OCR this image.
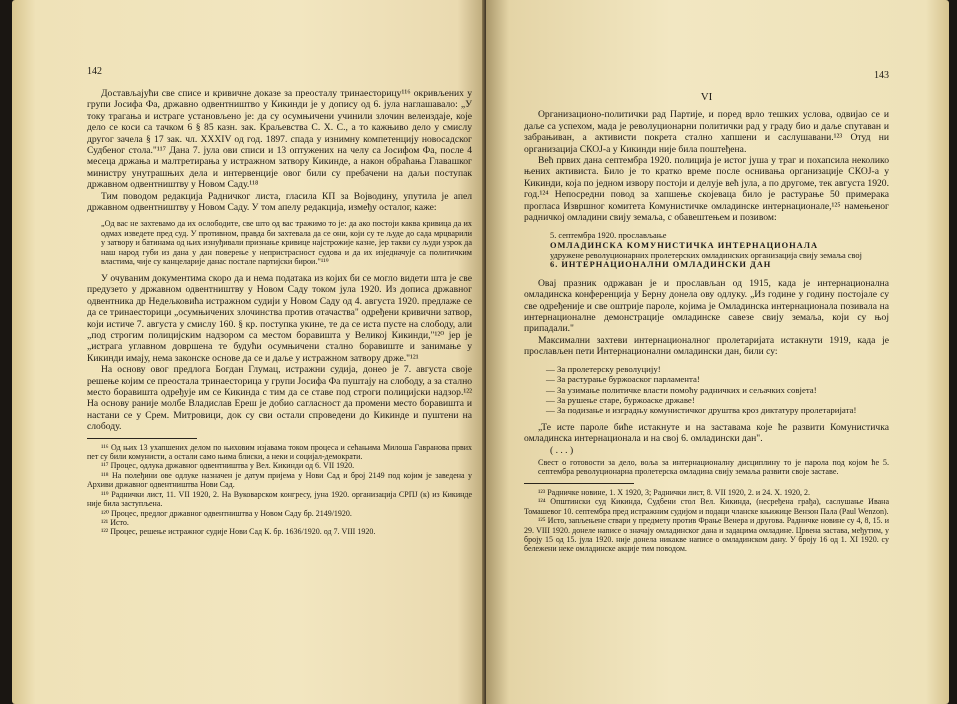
142

Достављајући све списе и кривичне доказе за преосталу тринаесторицу¹¹⁶ окривљених у групи Јосифа Фа, државно одвентништво у Кикинди је у допису од 6. јула наглашавало: „У току трагања и истраге установљено је: да су осумњичени учинили злочин велеиздаје, које дело се коси са тачком 6 § 85 казн. зак. Краљевства С. Х. С., а то кажњиво дело у смислу другог зачела § 17 зак. чл. XXXIV од год. 1897. спада у изнимну компетенцију новосадског Судбеног стола."¹¹⁷ Дана 7. јула ови списи и 13 оптужених на челу са Јосифом Фа, после 4 месеца држања и малтретирања у истражном затвору Кикинде, а након обраћања Главашког министру унутрашњих дела и интервенције овог били су пребачени на даљи поступак државном одвентништву у Новом Саду.¹¹⁸

Тим поводом редакција Радничког листа, гласила КП за Војводину, упутила је апел државном одвентништву у Новом Саду. У том апелу редакција, између осталог, каже:

„Од вас не захтевамо да их ослободите, све што од вас тражимо то је: да ако постоји каква кривица да их одмах изведете пред суд. У противном, правда би захтевала да се они, који су те људе до сада мрцварили у затвору и батинама од њих изнуђивали признање кривице најстрожије казне, јер такви су људи узрок да наш народ губи из дана у дан поверење у непристрасност судова и да их изједначује са политичким властима, чије су канцеларије данас постале партијски бирои."¹¹⁹

У очуваним документима скоро да и нема података из којих би се могло видети шта је све предузето у државном одвентништву у Новом Саду током јула 1920. Из дописа државног одвентника др Недељковића истражном судији у Новом Саду од 4. августа 1920. предлаже се да се тринаесторици „осумњичених злочинства против отачаства" одређени кривични затвор, који истиче 7. августа у смислу 160. § кр. поступка укине, те да се иста пусте на слободу, али „под строгим полицијским надзором са местом боравишта у Великој Кикинди,"¹²⁰ јер је „истрага углавном довршена те будући осумњичени стално боравиште и занимање у Кикинди имају, нема законске основе да се и даље у истражном затвору држе."¹²¹

На основу овог предлога Богдан Глумац, истражни судија, донео је 7. августа своје решење којим се преостала тринаесторица у групи Јосифа Фа пуштају на слободу, а за стално место боравишта одређује им се Кикинда с тим да се ставе под строги полицијски надзор.¹²² На основу раније молбе Владислав Ереш је добио сагласност да промени место боравишта и настани се у Срем. Митровици, док су сви остали спроведени до Кикинде и пуштени на слободу.

¹¹⁶ Од њих 13 ухапшених делом по њиховим изјавама током процеса и сећањима Милоша Гавранова првих пет су били комунисти, а остали само њима блиски, а неки и социјал-демократи.

¹¹⁷ Процес, одлука државног одвентништва у Вел. Кикинди од 6. VII 1920.

¹¹⁸ На полеђини ове одлуке назначен је датум пријема у Нови Сад и број 2149 под којим је заведена у Архиви државног одвентништва Нови Сад.

¹¹⁹ Раднички лист, 11. VII 1920, 2. На Вуковарском конгресу, јуна 1920. организација СРПЈ (к) из Кикинде није била заступљена.

¹²⁰ Процес, предлог државног одвентништва у Новом Саду бр. 2149/1920.

¹²¹ Исто.

¹²² Процес, решење истражног судије Нови Сад К. бр. 1636/1920. од 7. VIII 1920.

143
VI

Организационо-политички рад Партије, и поред врло тешких услова, одвијао се и даље са успехом, мада је револуционарни политички рад у граду био и даље спутаван и забрањиван, а активисти покрета стално хапшени и саслушавани.¹²³ Отуд ни организација СКОЈ-а у Кикинди није била поштеђена.

Већ првих дана септембра 1920. полиција је истог јуша у траг и похапсила неколико њених активиста. Било је то кратко време после оснивања организације СКОЈ-а у Кикинди, која по једном извору постоји и делује већ јула, а по другоме, тек августа 1920. год.¹²⁴ Непосредни повод за хапшење скојеваца било је растурање 50 примерака прогласа Извршног комитета Комунистичке омладинске интернационале,¹²⁵ намењеног радничкој омладини свију земаља, с обавештењем и позивом:

5. септембра 1920. прослављање
ОМЛАДИНСКА КОМУНИСТИЧКА ИНТЕРНАЦИОНАЛА
удружене револуционарних пролетерских омладинских организација свију земаља свој
6. ИНТЕРНАЦИОНАЛНИ ОМЛАДИНСКИ ДАН

Овај празник одржаван је и прослављан од 1915, када је интернационална омладинска конференција у Берну донела ову одлуку. „Из године у годину постојале су све одређеније и све оштрије пароле, којима је Омладинска интернационала позивала на интернационалне демонстрације омладинске савезе свију земаља, који су њој припадали."

Максимални захтеви интернационалног пролетаријата истакнути 1919, када је прослављен пети Интернационални омладински дан, били су:

— За пролетерску револуцију!
— За растурање буржоаског парламента!
— За узимање политичке власти помоћу радничких и сељачких совјета!
— За рушење старе, буржоаске државе!
— За подизање и изградњу комунистичког друштва кроз диктатуру пролетаријата!

„Те исте пароле биће истакнуте и на заставама које ће развити Комунистичка омладинска интернационала и на свој 6. омладински дан".

( . . . )

Свест о готовости за дело, воља за интернационалну дисциплину то је парола под којом ће 5. септембра револуционарна пролетерска омладина свију земаља развити своје заставе.

¹²³ Радничке новине, 1. X 1920, 3; Раднички лист, 8. VII 1920, 2. и 24. X. 1920, 2.

¹²⁴ Општински суд Кикинда, Судбени стол Вел. Кикинда, (несређена грађа), саслушање Ивана Томашевог 10. септембра пред истражним судијом и подаци чланске књижице Вензон Пала (Paul Wenzon).

¹²⁵ Исто, запљењене ствари у предмету против Фрање Венера и другова. Радничке новине су 4, 8, 15. и 29. VIII 1920. донеле написе о значају омладинског дана и задацима омладине. Црвена застава, међутим, у броју 15 од 15. јула 1920. није донела никакве написе о омладинском дану. У броју 16 од 1. XI 1920. су бележени неке омладинске акције тим поводом.
